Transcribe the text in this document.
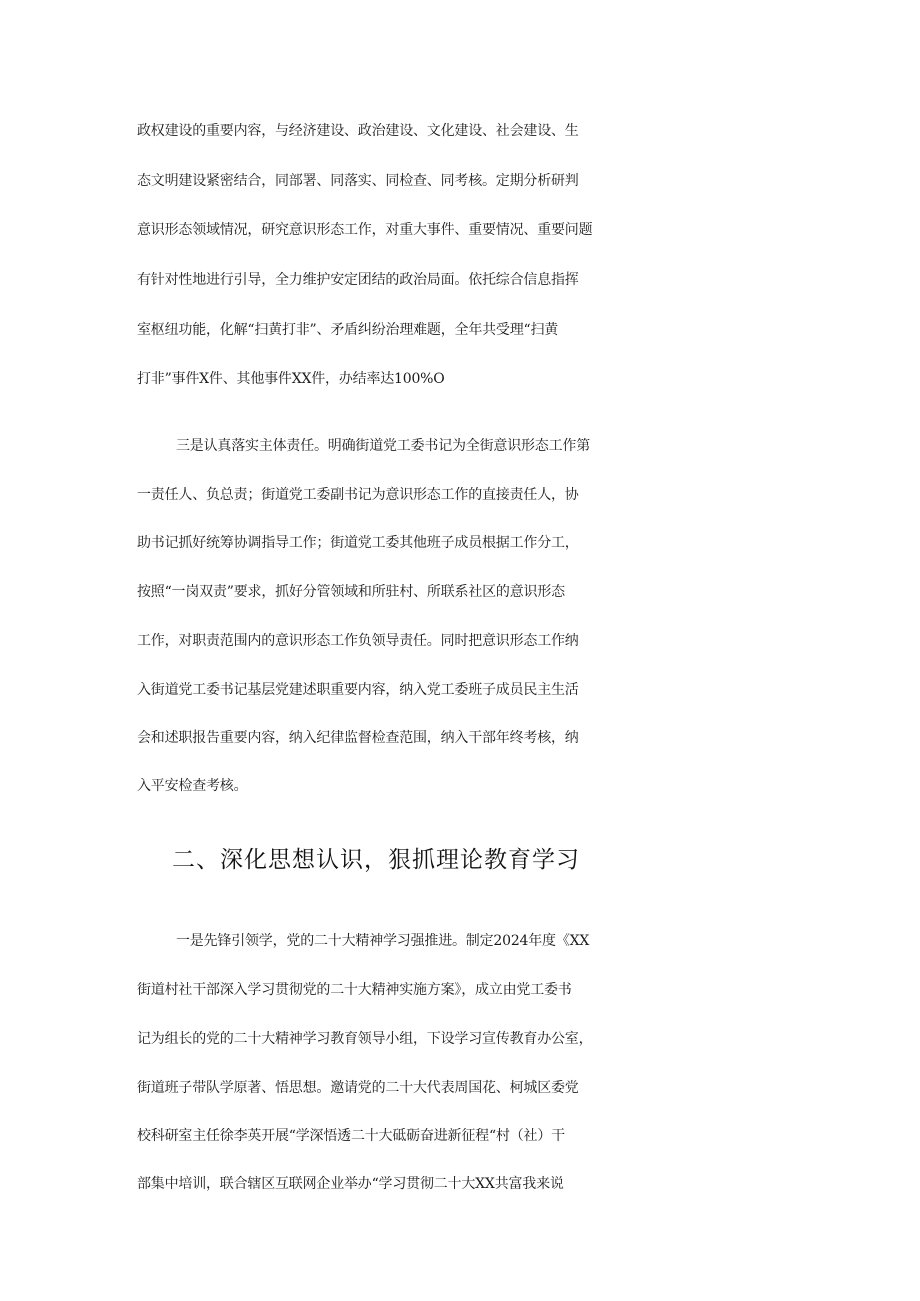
政权建设的重要内容，与经济建设、政治建设、文化建设、社会建设、生
态文明建设紧密结合，同部署、同落实、同检查、同考核。定期分析研判
意识形态领域情况，研究意识形态工作，对重大事件、重要情况、重要问题
有针对性地进行引导，全力维护安定团结的政治局面。依托综合信息指挥
室枢纽功能，化解“扫黄打非”、矛盾纠纷治理难题，全年共受理“扫黄
打非”事件X件、其他事件XX件，办结率达100%O
三是认真落实主体责任。明确街道党工委书记为全街意识形态工作第
一责任人、负总责；街道党工委副书记为意识形态工作的直接责任人，协
助书记抓好统筹协调指导工作；街道党工委其他班子成员根据工作分工，
按照“一岗双责”要求，抓好分管领域和所驻村、所联系社区的意识形态
工作，对职责范围内的意识形态工作负领导责任。同时把意识形态工作纳
入街道党工委书记基层党建述职重要内容，纳入党工委班子成员民主生活
会和述职报告重要内容，纳入纪律监督检查范围，纳入干部年终考核，纳
入平安检查考核。
二、深化思想认识，狠抓理论教育学习
一是先锋引领学，党的二十大精神学习强推进。制定2024年度《XX
街道村社干部深入学习贯彻党的二十大精神实施方案》，成立由党工委书
记为组长的党的二十大精神学习教育领导小组，下设学习宣传教育办公室，
街道班子带队学原著、悟思想。邀请党的二十大代表周国花、柯城区委党
校科研室主任徐李英开展“学深悟透二十大砥砺奋进新征程“村（社）干
部集中培训，联合辖区互联网企业举办“学习贯彻二十大XX共富我来说
